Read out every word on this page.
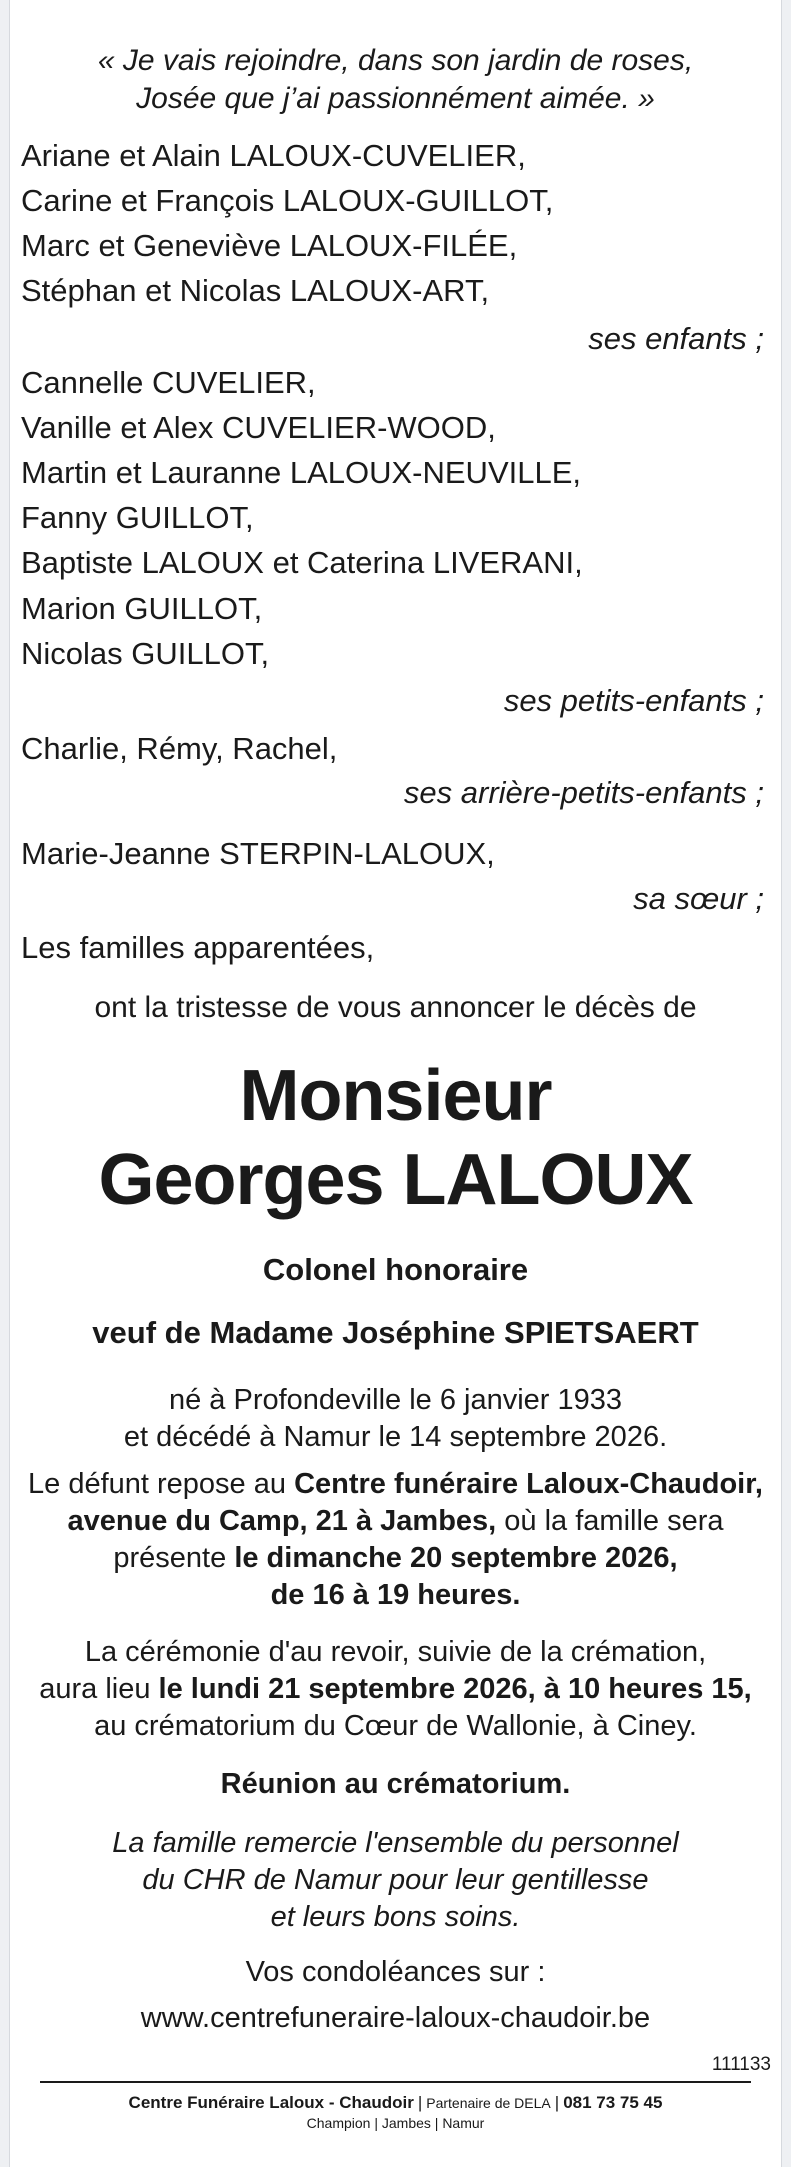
« Je vais rejoindre, dans son jardin de roses,
Josée que j’ai passionnément aimée. »
Ariane et Alain LALOUX-CUVELIER,
Carine et François LALOUX-GUILLOT,
Marc et Geneviève LALOUX-FILÉE,
Stéphan et Nicolas LALOUX-ART,
ses enfants ;
Cannelle CUVELIER,
Vanille et Alex CUVELIER-WOOD,
Martin et Lauranne LALOUX-NEUVILLE,
Fanny GUILLOT,
Baptiste LALOUX et Caterina LIVERANI,
Marion GUILLOT,
Nicolas GUILLOT,
ses petits-enfants ;
Charlie, Rémy, Rachel,
ses arrière-petits-enfants ;
Marie-Jeanne STERPIN-LALOUX,
sa sœur ;
Les familles apparentées,
ont la tristesse de vous annoncer le décès de
Monsieur
Georges LALOUX
Colonel honoraire
veuf de Madame Joséphine SPIETSAERT
né à Profondeville le 6 janvier 1933
et décédé à Namur le 14 septembre 2026.
Le défunt repose au Centre funéraire Laloux-Chaudoir,
avenue du Camp, 21 à Jambes, où la famille sera
présente le dimanche 20 septembre 2026,
de 16 à 19 heures.
La cérémonie d'au revoir, suivie de la crémation,
aura lieu le lundi 21 septembre 2026, à 10 heures 15,
au crématorium du Cœur de Wallonie, à Ciney.
Réunion au crématorium.
La famille remercie l'ensemble du personnel
du CHR de Namur pour leur gentillesse
et leurs bons soins.
Vos condoléances sur :
www.centrefuneraire-laloux-chaudoir.be
111133
Centre Funéraire Laloux - Chaudoir | Partenaire de DELA | 081 73 75 45
Champion | Jambes | Namur
